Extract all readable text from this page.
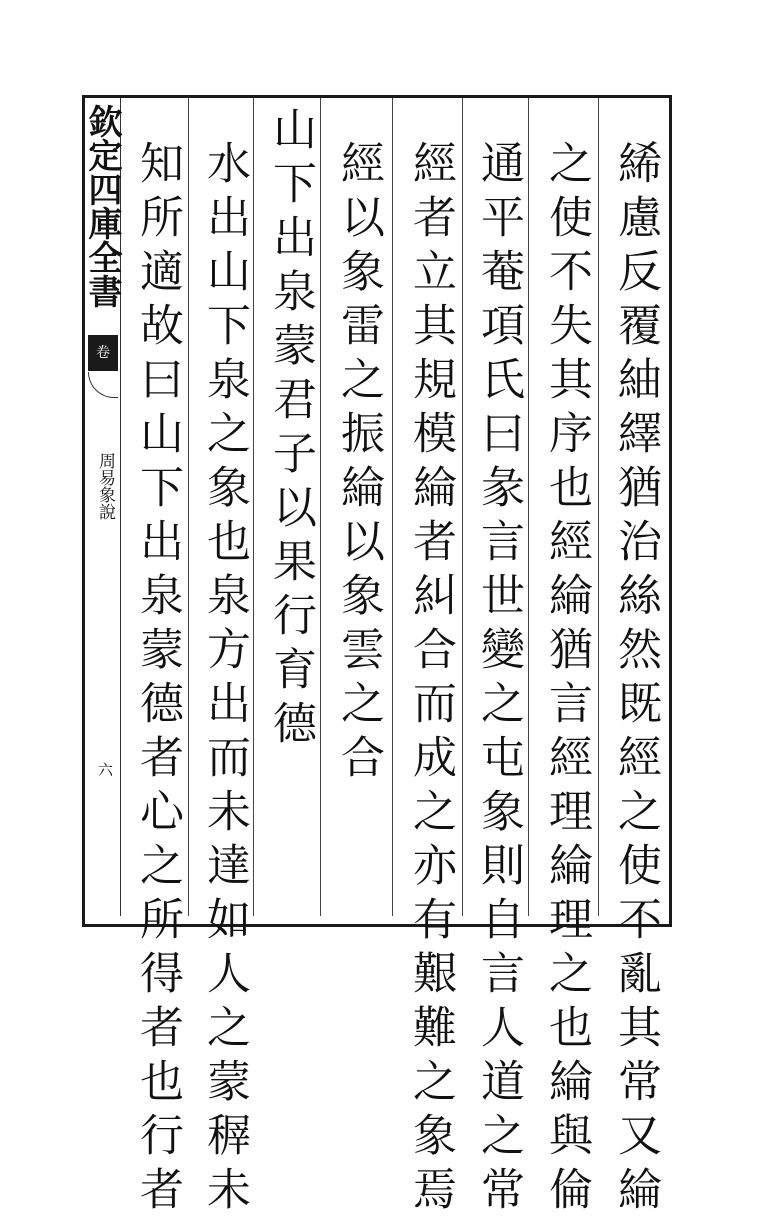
欽定四庫全書
卷
周易象說
六	絺慮反覆紬繹猶治絲然既經之使不亂其常又綸
之使不失其序也經綸猶言經理綸理之也綸與倫
通平菴項氏曰彖言世變之屯象則自言人道之常
經者立其規模綸者糾合而成之亦有艱難之象焉
經以象雷之振綸以象雲之合
山下出泉蒙君子以果行育德
水出山下泉之象也泉方出而未達如人之蒙稺未
知所適故曰山下出泉蒙德者心之所得者也行者
